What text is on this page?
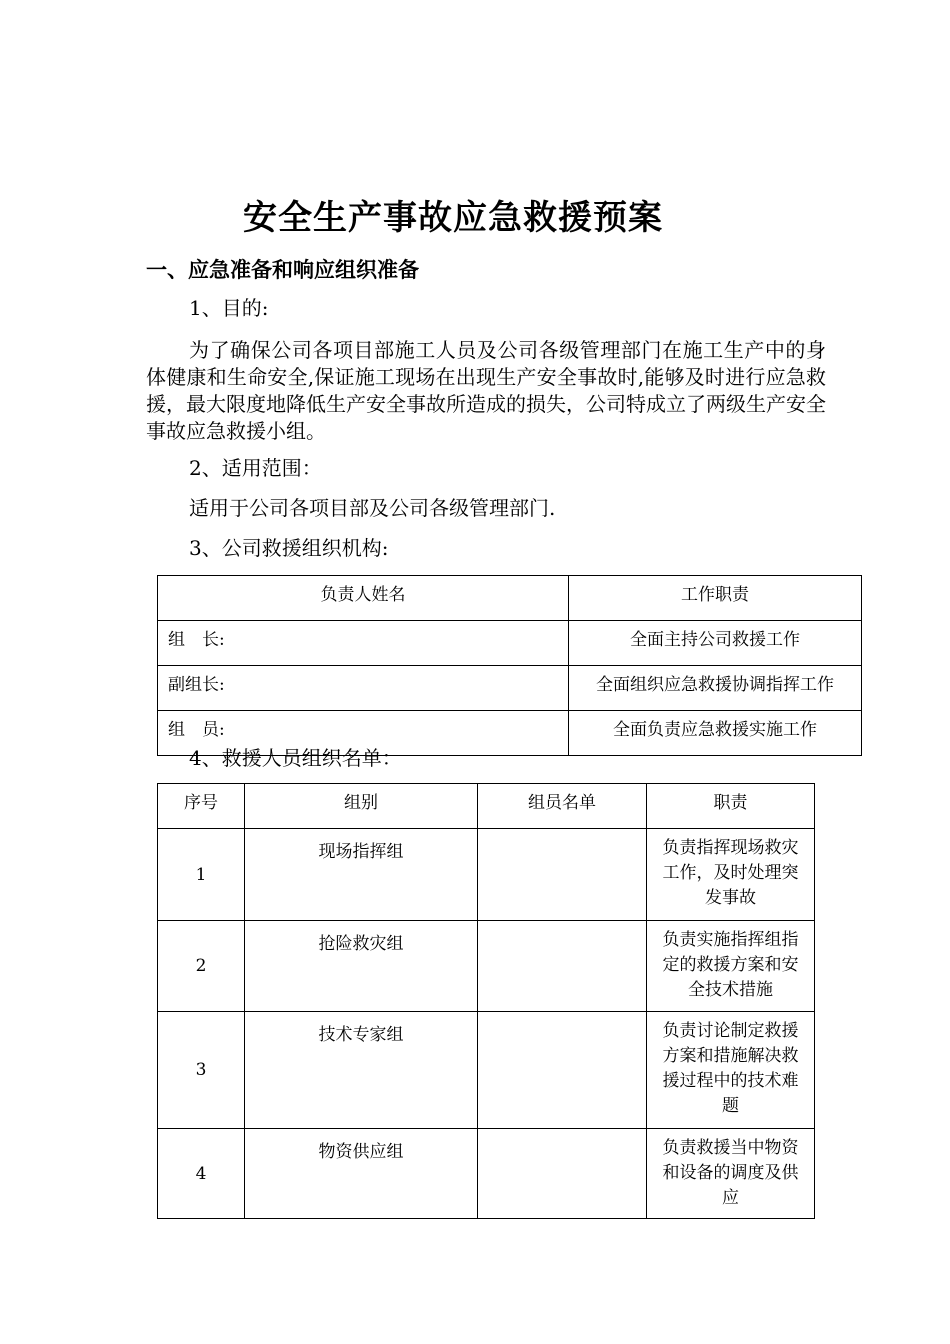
安全生产事故应急救援预案
一、应急准备和响应组织准备
1、目的:
为了确保公司各项目部施工人员及公司各级管理部门在施工生产中的身体健康和生命安全,保证施工现场在出现生产安全事故时,能够及时进行应急救援，最大限度地降低生产安全事故所造成的损失，公司特成立了两级生产安全事故应急救援小组。
2、适用范围：
适用于公司各项目部及公司各级管理部门.
3、公司救援组织机构:
负责人姓名	工作职责
组　长:	全面主持公司救援工作
副组长:	全面组织应急救援协调指挥工作
组　员:	全面负责应急救援实施工作
4、救援人员组织名单：
序号	组别	组员名单	职责
1	现场指挥组		负责指挥现场救灾工作，及时处理突发事故
2	抢险救灾组		负责实施指挥组指定的救援方案和安全技术措施
3	技术专家组		负责讨论制定救援方案和措施解决救援过程中的技术难题
4	物资供应组		负责救援当中物资和设备的调度及供应
